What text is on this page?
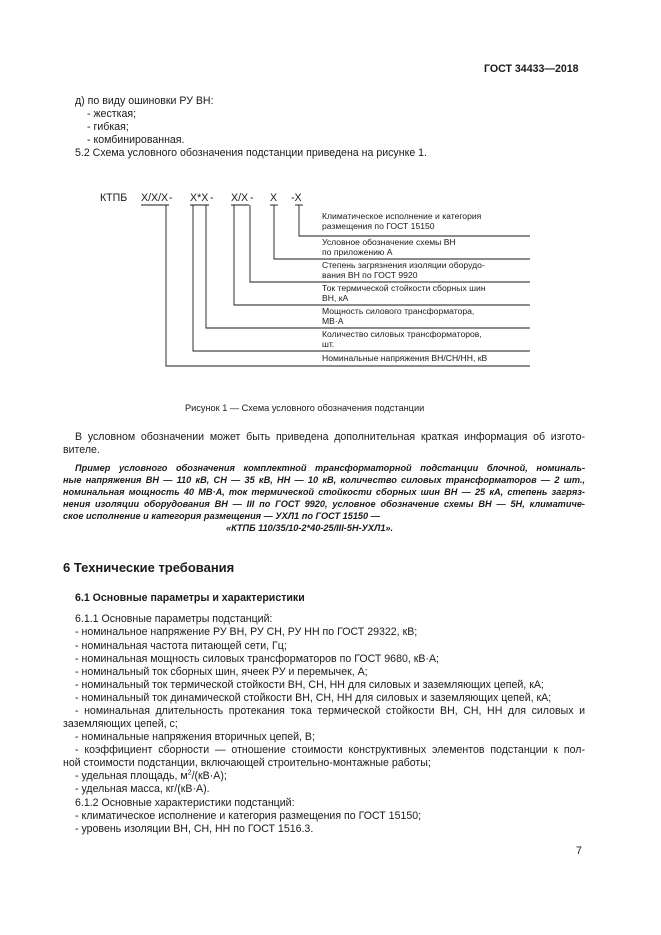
ГОСТ 34433—2018
д) по виду ошиновки РУ ВН:
- жесткая;
- гибкая;
- комбинированная.
5.2 Схема условного обозначения подстанции приведена на рисунке 1.
КТПБ Х/Х/Х - Х*Х - Х/Х - Х -Х
Климатическое исполнение и категория
размещения по ГОСТ 15150
Условное обозначение схемы ВН
по приложению А
Степень загрязнения изоляции оборудо-
вания ВН по ГОСТ 9920
Ток термической стойкости сборных шин
ВН, кА
Мощность силового трансформатора,
МВ·А
Количество силовых трансформаторов,
шт.
Номинальные напряжения ВН/СН/НН, кВ
Рисунок 1 — Схема условного обозначения подстанции
В условном обозначении может быть приведена дополнительная краткая информация об изгото-
вителе.
Пример условного обозначения комплектной трансформаторной подстанции блочной, номиналь-
ные напряжения ВН — 110 кВ, СН — 35 кВ, НН — 10 кВ, количество силовых трансформаторов — 2 шт.,
номинальная мощность 40 МВ·А, ток термической стойкости сборных шин ВН — 25 кА, степень загряз-
нения изоляции оборудования ВН — III по ГОСТ 9920, условное обозначение схемы ВН — 5Н, климатиче-
ское исполнение и категория размещения — УХЛ1 по ГОСТ 15150 —
«КТПБ 110/35/10-2*40-25/III-5Н-УХЛ1».
6 Технические требования
6.1 Основные параметры и характеристики
6.1.1 Основные параметры подстанций:
- номинальное напряжение РУ ВН, РУ СН, РУ НН по ГОСТ 29322, кВ;
- номинальная частота питающей сети, Гц;
- номинальная мощность силовых трансформаторов по ГОСТ 9680, кВ·А;
- номинальный ток сборных шин, ячеек РУ и перемычек, А;
- номинальный ток термической стойкости ВН, СН, НН для силовых и заземляющих цепей, кА;
- номинальный ток динамической стойкости ВН, СН, НН для силовых и заземляющих цепей, кА;
- номинальная длительность протекания тока термической стойкости ВН, СН, НН для силовых и
заземляющих цепей, с;
- номинальные напряжения вторичных цепей, В;
- коэффициент сборности — отношение стоимости конструктивных элементов подстанции к пол-
ной стоимости подстанции, включающей строительно-монтажные работы;
- удельная площадь, $м^2/(кВ\cdot А)$;
- удельная масса, кг/(кВ·А).
6.1.2 Основные характеристики подстанций:
- климатическое исполнение и категория размещения по ГОСТ 15150;
- уровень изоляции ВН, СН, НН по ГОСТ 1516.3.
7
